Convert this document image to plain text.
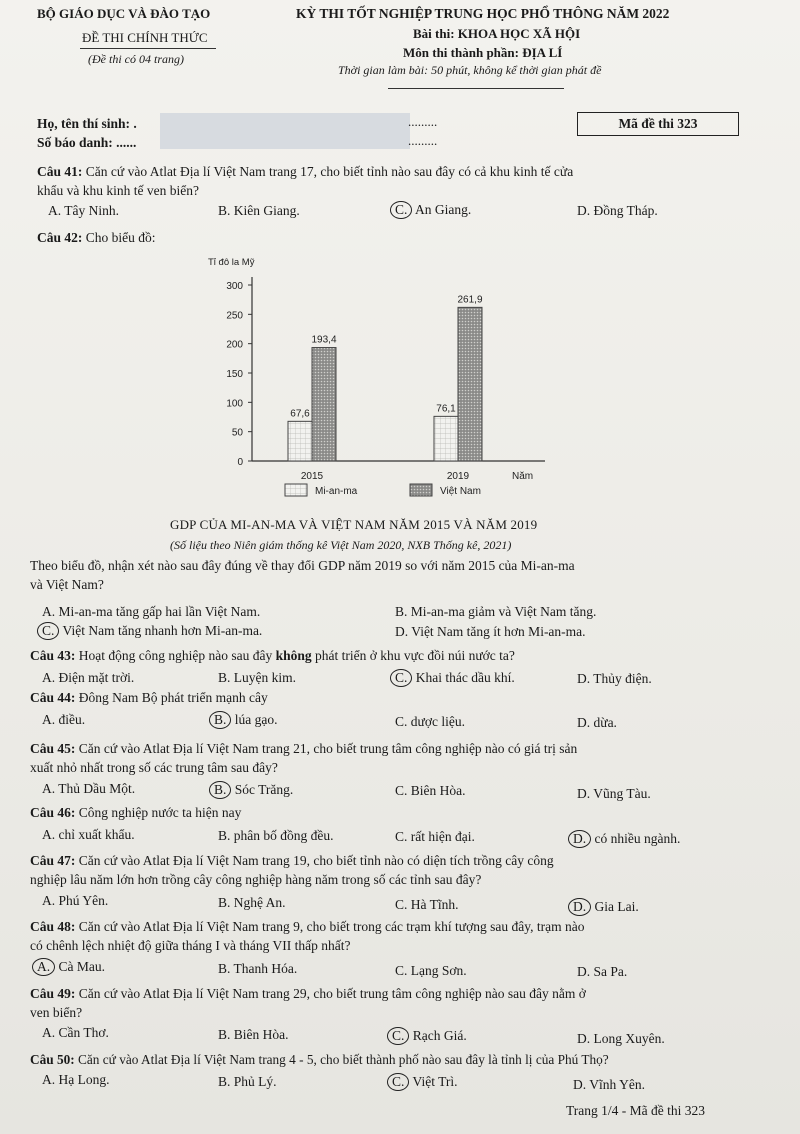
BỘ GIÁO DỤC VÀ ĐÀO TẠO
ĐỀ THI CHÍNH THỨC
(Đề thi có 04 trang)
KỲ THI TỐT NGHIỆP TRUNG HỌC PHỔ THÔNG NĂM 2022
Bài thi: KHOA HỌC XÃ HỘI
Môn thi thành phần: ĐỊA LÍ
Thời gian làm bài: 50 phút, không kể thời gian phát đề
Mã đề thi 323
Họ, tên thí sinh: .	.........
Số báo danh: ......	.........
Câu 41: Căn cứ vào Atlat Địa lí Việt Nam trang 17, cho biết tỉnh nào sau đây có cả khu kinh tế cửa
khẩu và khu kinh tế ven biển?
A. Tây Ninh.	B. Kiên Giang.	C. An Giang.	D. Đồng Tháp.
Câu 42: Cho biểu đồ:
Tỉ đô la Mỹ
Năm
0
50
100
150
200
250
300
2015
67,6
193,4
2019
76,1
261,9
Mi-an-ma	Việt Nam
GDP CỦA MI-AN-MA VÀ VIỆT NAM NĂM 2015 VÀ NĂM 2019
(Số liệu theo Niên giám thống kê Việt Nam 2020, NXB Thống kê, 2021)
Theo biểu đồ, nhận xét nào sau đây đúng về thay đổi GDP năm 2019 so với năm 2015 của Mi-an-ma
và Việt Nam?
A. Mi-an-ma tăng gấp hai lần Việt Nam.	B. Mi-an-ma giảm và Việt Nam tăng.
C. Việt Nam tăng nhanh hơn Mi-an-ma.	D. Việt Nam tăng ít hơn Mi-an-ma.
Câu 43: Hoạt động công nghiệp nào sau đây không phát triển ở khu vực đồi núi nước ta?
A. Điện mặt trời.	B. Luyện kim.	C. Khai thác dầu khí.	D. Thủy điện.
Câu 44: Đông Nam Bộ phát triển mạnh cây
A. điều.	B. lúa gạo.	C. dược liệu.	D. dừa.
Câu 45: Căn cứ vào Atlat Địa lí Việt Nam trang 21, cho biết trung tâm công nghiệp nào có giá trị sản
xuất nhỏ nhất trong số các trung tâm sau đây?
A. Thủ Dầu Một.	B. Sóc Trăng.	C. Biên Hòa.	D. Vũng Tàu.
Câu 46: Công nghiệp nước ta hiện nay
A. chỉ xuất khẩu.	B. phân bố đồng đều.	C. rất hiện đại.	D. có nhiều ngành.
Câu 47: Căn cứ vào Atlat Địa lí Việt Nam trang 19, cho biết tỉnh nào có diện tích trồng cây công
nghiệp lâu năm lớn hơn trồng cây công nghiệp hàng năm trong số các tỉnh sau đây?
A. Phú Yên.	B. Nghệ An.	C. Hà Tĩnh.	D. Gia Lai.
Câu 48: Căn cứ vào Atlat Địa lí Việt Nam trang 9, cho biết trong các trạm khí tượng sau đây, trạm nào
có chênh lệch nhiệt độ giữa tháng I và tháng VII thấp nhất?
A. Cà Mau.	B. Thanh Hóa.	C. Lạng Sơn.	D. Sa Pa.
Câu 49: Căn cứ vào Atlat Địa lí Việt Nam trang 29, cho biết trung tâm công nghiệp nào sau đây nằm ở
ven biển?
A. Cần Thơ.	B. Biên Hòa.	C. Rạch Giá.	D. Long Xuyên.
Câu 50: Căn cứ vào Atlat Địa lí Việt Nam trang 4 - 5, cho biết thành phố nào sau đây là tỉnh lị của Phú Thọ?
A. Hạ Long.	B. Phủ Lý.	C. Việt Trì.	D. Vĩnh Yên.
Trang 1/4 - Mã đề thi 323
